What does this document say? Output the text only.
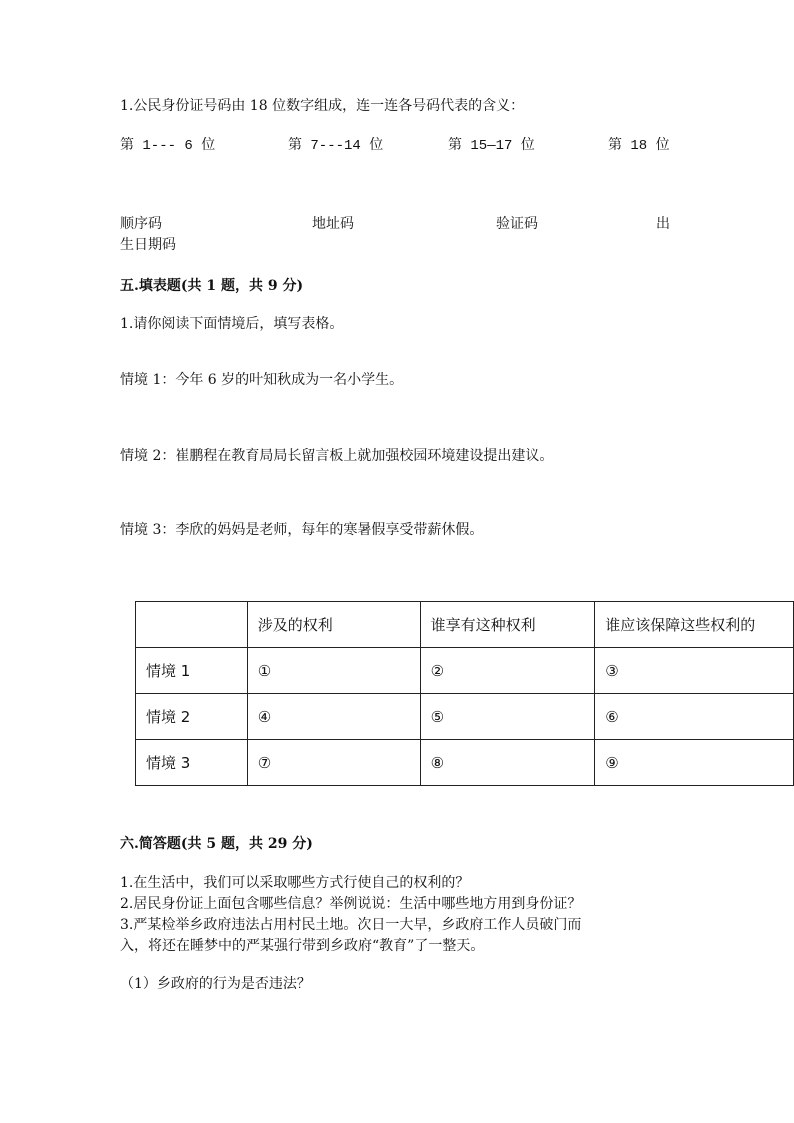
1.公民身份证号码由 18 位数字组成，连一连各号码代表的含义：
第 1--- 6 位	第 7---14 位	第 15—17 位	第 18 位
顺序码	地址码	验证码	出
生日期码
五.填表题(共 1 题，共 9 分)
1.请你阅读下面情境后，填写表格。
情境 1：今年 6 岁的叶知秋成为一名小学生。
情境 2：崔鹏程在教育局局长留言板上就加强校园环境建设提出建议。
情境 3：李欣的妈妈是老师，每年的寒暑假享受带薪休假。
	涉及的权利	谁享有这种权利	谁应该保障这些权利的
情境 1	①	②	③
情境 2	④	⑤	⑥
情境 3	⑦	⑧	⑨
六.简答题(共 5 题，共 29 分)
1.在生活中，我们可以采取哪些方式行使自己的权利的？
2.居民身份证上面包含哪些信息？举例说说：生活中哪些地方用到身份证？
3.严某检举乡政府违法占用村民土地。次日一大早，乡政府工作人员破门而
入，将还在睡梦中的严某强行带到乡政府“教育”了一整天。
（1）乡政府的行为是否违法？
